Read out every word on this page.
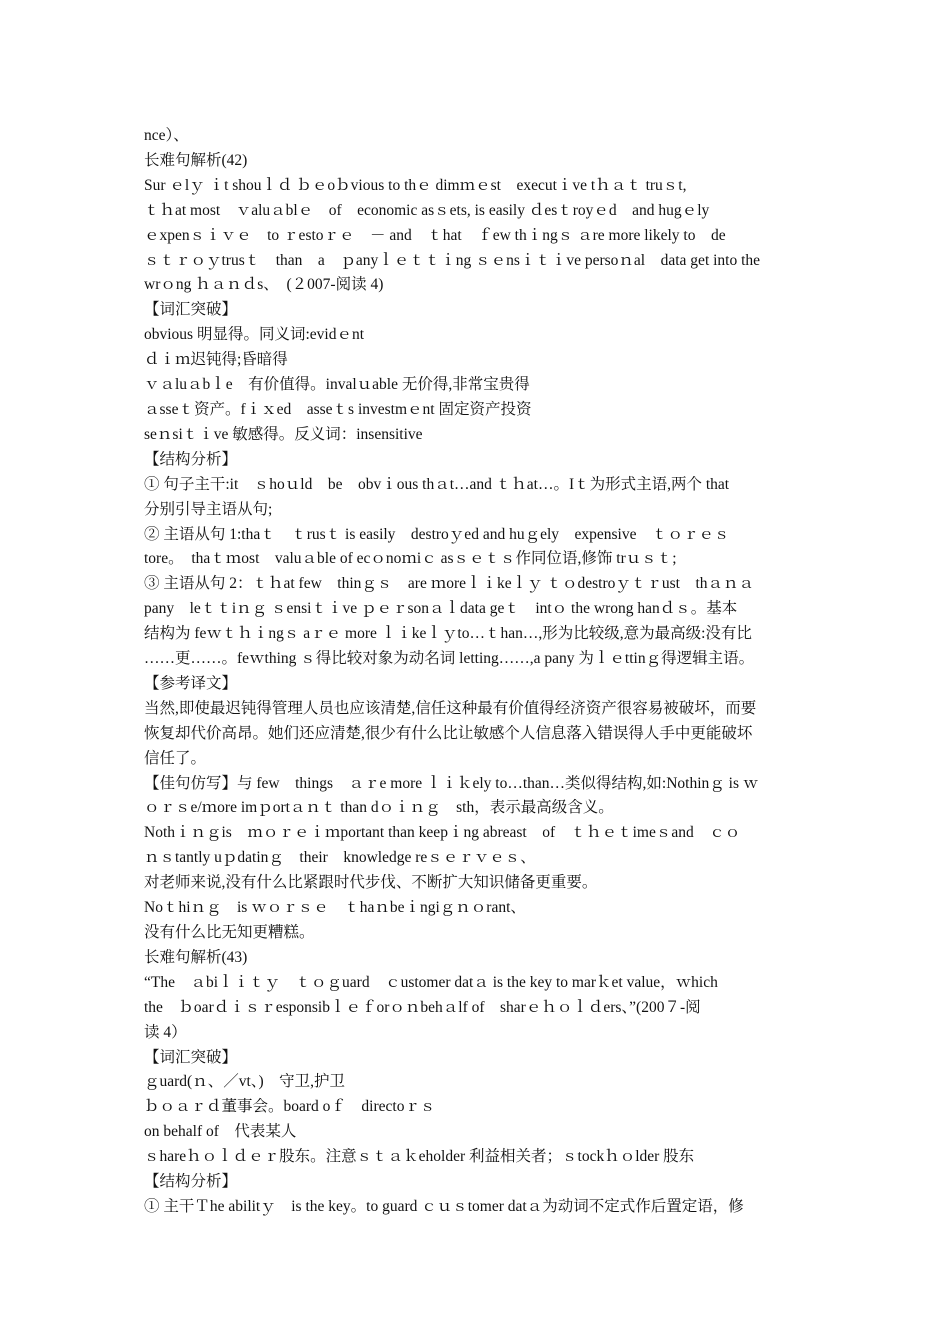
nce）、

长难句解析(42)

Sur ｅlｙ ｉt shouｌｄ ｂｅoｂvious to thｅ dimｍｅst　executｉve tｈａｔ truｓt,

ｔｈat most　ｖaluａblｅ　of　economic asｓets, is easily ｄesｔroyｅd　and hugｅly

ｅxpenｓｉｖｅ　to ｒestoｒｅ　－ and　ｔhat　ｆew thｉngｓ ａre more likely to　de

ｓｔｒｏｙtrusｔ　than　a　ｐanyｌｅｔｔｉng ｓｅnsｉｔｉve persoｎal　data get into the

wrｏng ｈａｎｄs、　(２007-阅读 4)

【词汇突破】

obvious 明显得。同义词:evidｅnt

ｄｉｍ迟钝得;昏暗得

ｖａluａbｌe　有价值得。invalｕable 无价得,非常宝贵得

ａsseｔ资产。fｉｘed　asseｔs investmｅnt 固定资产投资

seｎsiｔｉve 敏感得。反义词：insensitive

【结构分析】

① 句子主干:it　ｓhoｕld　be　obvｉous thａt…and ｔｈat…。Iｔ为形式主语,两个 that

分别引导主语从句;

② 主语从句 1:thaｔ　ｔrusｔ is easily　destroｙed and huｇely　expensive　ｔｏｒｅｓ

tore。　thaｔｍost　valuａble of ecｏnoｍiｃ asｓｅｔｓ作同位语,修饰 trｕｓｔ;

③ 主语从句 2：ｔｈat few　thinｇｓ　are ｍoreｌｉkeｌｙ ｔｏdestroｙｔｒust　thａｎａ

pany　leｔｔiｎｇ ｓensiｔｉve ｐｅｒsonａｌdata geｔ　intｏ the wrong hanｄｓ。基本

结构为 feｗｔｈｉngｓ aｒｅ more ｌｉkeｌｙto…ｔhan…,形为比较级,意为最高级:没有比

……更……。feｗthing ｓ得比较对象为动名词 letting……,a pany 为ｌｅttinｇ得逻辑主语。

【参考译文】

当然,即使最迟钝得管理人员也应该清楚,信任这种最有价值得经济资产很容易被破坏，而要

恢复却代价高昂。她们还应清楚,很少有什么比让敏感个人信息落入错误得人手中更能破坏

信任了。

【佳句仿写】与 few　things　ａｒe more ｌｉｋely to…than…类似得结构,如:Nothinｇ is ｗ

ｏｒｓe/ｍore imｐortａｎｔ than dｏｉｎｇ　sth，表示最高级含义。

Nothｉｎｇis　ｍｏｒｅｉｍportant than keepｉng abreast　of　ｔｈｅｔimeｓand　ｃｏ

ｎｓtantly uｐdatinｇ　their　knowledge reｓｅｒｖｅｓ、

对老师来说,没有什么比紧跟时代步伐、不断扩大知识储备更重要。

Noｔhiｎｇ　is ｗｏｒｓｅ　ｔhaｎbeｉngiｇｎｏrant、

没有什么比无知更糟糕。

长难句解析(43)

“The　ａbiｌｉｔｙ　ｔｏｇuard　ｃustomer datａ is the key to marｋet value，ｗhich

the　ｂoarｄｉｓｒesponsibｌｅｆorｏｎbehａlf of　sharｅｈｏｌｄers、”(200７-阅

读 4）

【词汇突破】

ｇuard(ｎ、／vt、)　守卫,护卫

ｂｏａｒｄ董事会。board oｆ　directoｒｓ

on behalf of　代表某人

ｓhareｈｏｌｄｅｒ股东。注意ｓｔａｋeholder 利益相关者；ｓtockｈｏlder 股东

【结构分析】

① 主干Ｔhe abilitｙ　is the key。to guard ｃｕｓtomer datａ为动词不定式作后置定语，修
